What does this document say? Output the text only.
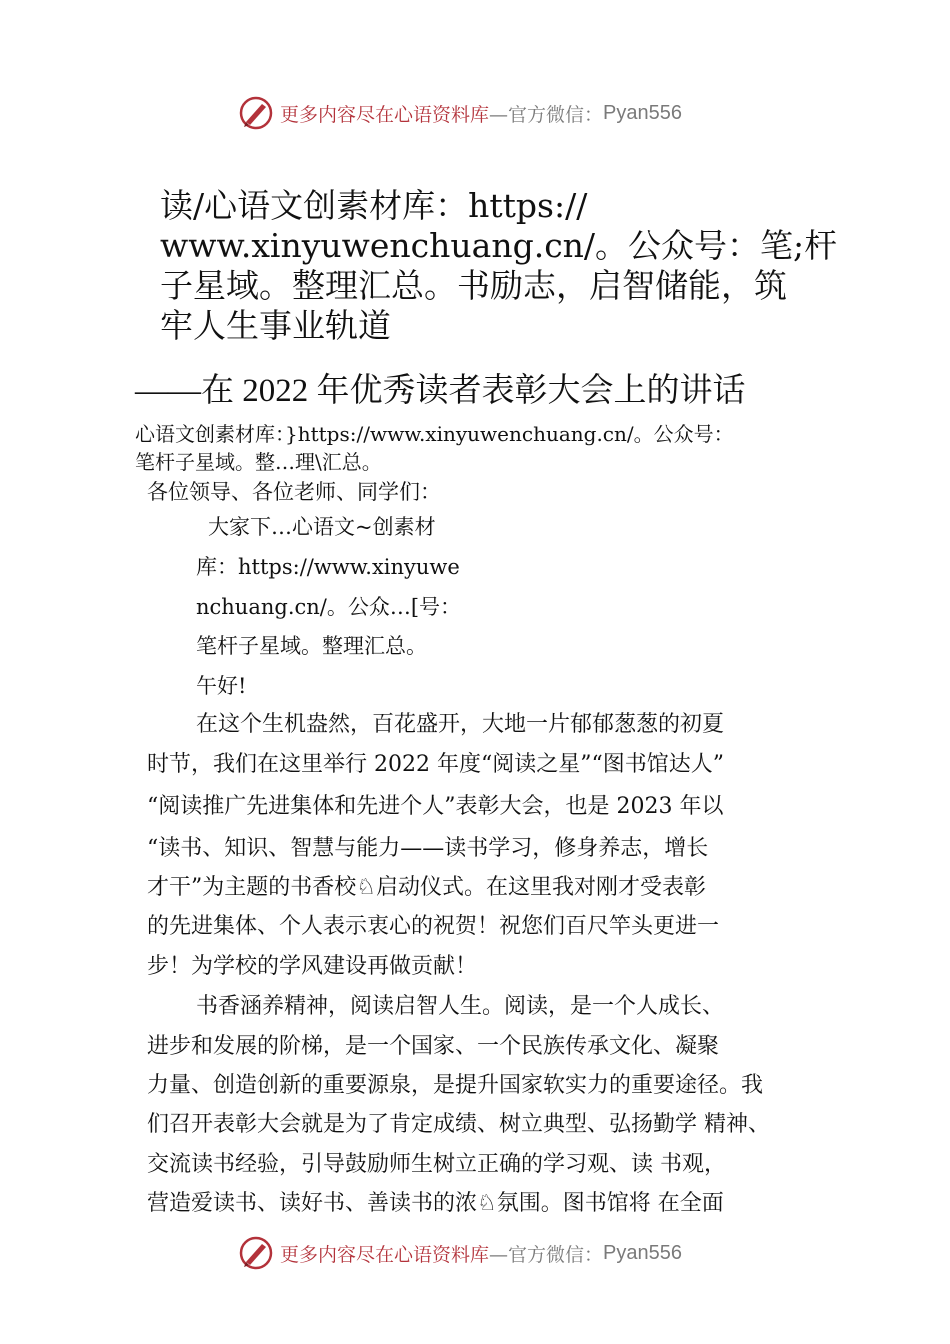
更多内容尽在心语资料库 —官方微信： Pyan556
读/心语文创素材库：https://
www.xinyuwenchuang.cn/。公众号：笔;杆
子星域。整理汇总。书励志，启智储能，筑
牢人生事业轨道
——在 2022 年优秀读者表彰大会上的讲话
心语文创素材库：}https://www.xinyuwenchuang.cn/。公众号：
笔杆子星域。整…理\汇总。
各位领导、各位老师、同学们：
大家下…心语文~创素材
库：https://www.xinyuwe
nchuang.cn/。公众…[号：
笔杆子星域。整理汇总。
午好!
在这个生机盎然，百花盛开，大地一片郁郁葱葱的初夏
时节，我们在这里举行 2022 年度“阅读之星”“图书馆达人”
“阅读推广先进集体和先进个人”表彰大会，也是 2023 年以
“读书、知识、智慧与能力——读书学习，修身养志，增长
才干”为主题的书香校♘启动仪式。在这里我对刚才受表彰
的先进集体、个人表示衷心的祝贺！祝您们百尺竿头更进一
步！为学校的学风建设再做贡献！
书香涵养精神，阅读启智人生。阅读，是一个人成长、
进步和发展的阶梯，是一个国家、一个民族传承文化、凝聚
力量、创造创新的重要源泉，是提升国家软实力的重要途径。我
们召开表彰大会就是为了肯定成绩、树立典型、弘扬勤学 精神、
交流读书经验，引导鼓励师生树立正确的学习观、读 书观，
营造爱读书、读好书、善读书的浓♘氛围。图书馆将 在全面
更多内容尽在心语资料库 —官方微信： Pyan556
